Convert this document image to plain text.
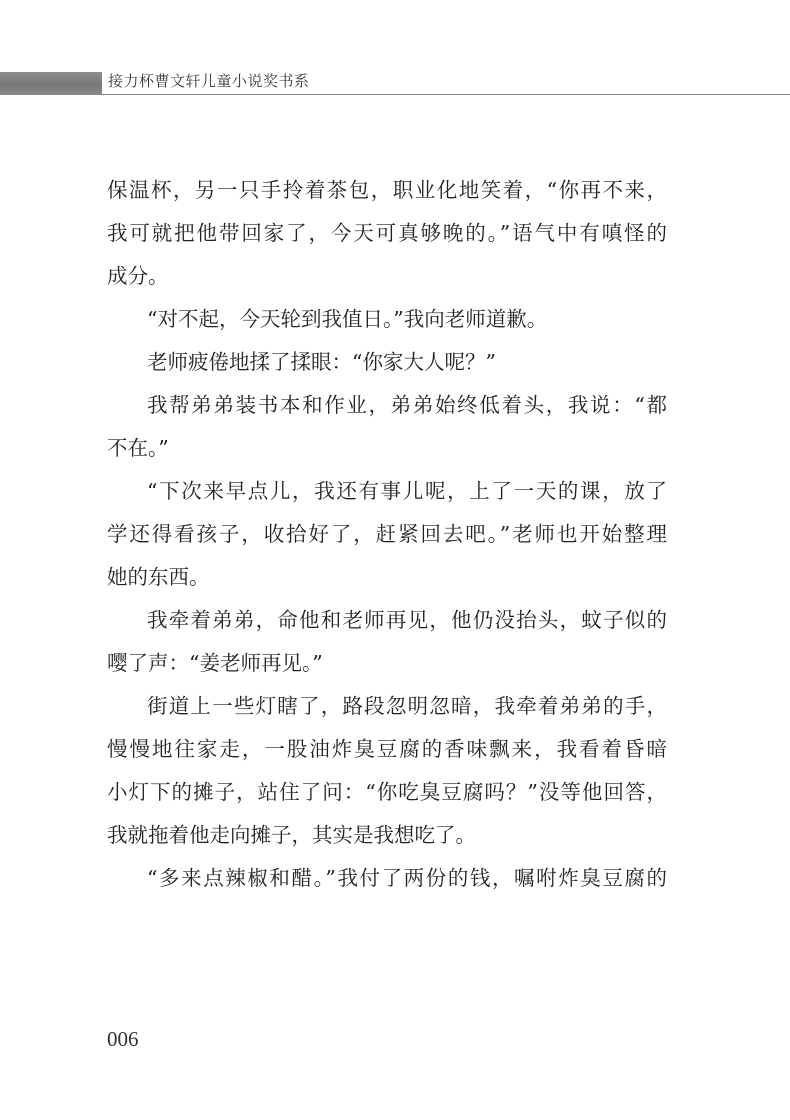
接力杯曹文轩儿童小说奖书系
保温杯，另一只手拎着茶包，职业化地笑着，“你再不来，
我可就把他带回家了，今天可真够晚的。”语气中有嗔怪的
成分。
“对不起，今天轮到我值日。”我向老师道歉。
老师疲倦地揉了揉眼：“你家大人呢？”
我帮弟弟装书本和作业，弟弟始终低着头，我说：“都
不在。”
“下次来早点儿，我还有事儿呢，上了一天的课，放了
学还得看孩子，收拾好了，赶紧回去吧。”老师也开始整理
她的东西。
我牵着弟弟，命他和老师再见，他仍没抬头，蚊子似的
嘤了声：“姜老师再见。”
街道上一些灯瞎了，路段忽明忽暗，我牵着弟弟的手，
慢慢地往家走，一股油炸臭豆腐的香味飘来，我看着昏暗
小灯下的摊子，站住了问：“你吃臭豆腐吗？”没等他回答，
我就拖着他走向摊子，其实是我想吃了。
“多来点辣椒和醋。”我付了两份的钱，嘱咐炸臭豆腐的
006
